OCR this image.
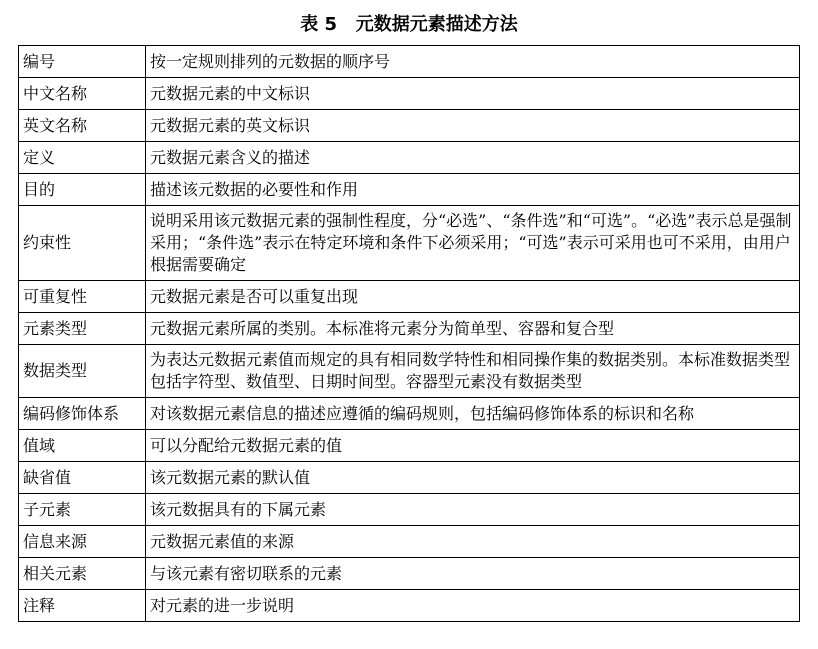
表 5   元数据元素描述方法
编号	按一定规则排列的元数据的顺序号
中文名称	元数据元素的中文标识
英文名称	元数据元素的英文标识
定义	元数据元素含义的描述
目的	描述该元数据的必要性和作用
约束性	说明采用该元数据元素的强制性程度，分“必选”、“条件选”和“可选”。“必选”表示总是强制采用；“条件选”表示在特定环境和条件下必须采用；“可选”表示可采用也可不采用，由用户根据需要确定
可重复性	元数据元素是否可以重复出现
元素类型	元数据元素所属的类别。本标准将元素分为简单型、容器和复合型
数据类型	为表达元数据元素值而规定的具有相同数学特性和相同操作集的数据类别。本标准数据类型包括字符型、数值型、日期时间型。容器型元素没有数据类型
编码修饰体系	对该数据元素信息的描述应遵循的编码规则，包括编码修饰体系的标识和名称
值域	可以分配给元数据元素的值
缺省值	该元数据元素的默认值
子元素	该元数据具有的下属元素
信息来源	元数据元素值的来源
相关元素	与该元素有密切联系的元素
注释	对元素的进一步说明
